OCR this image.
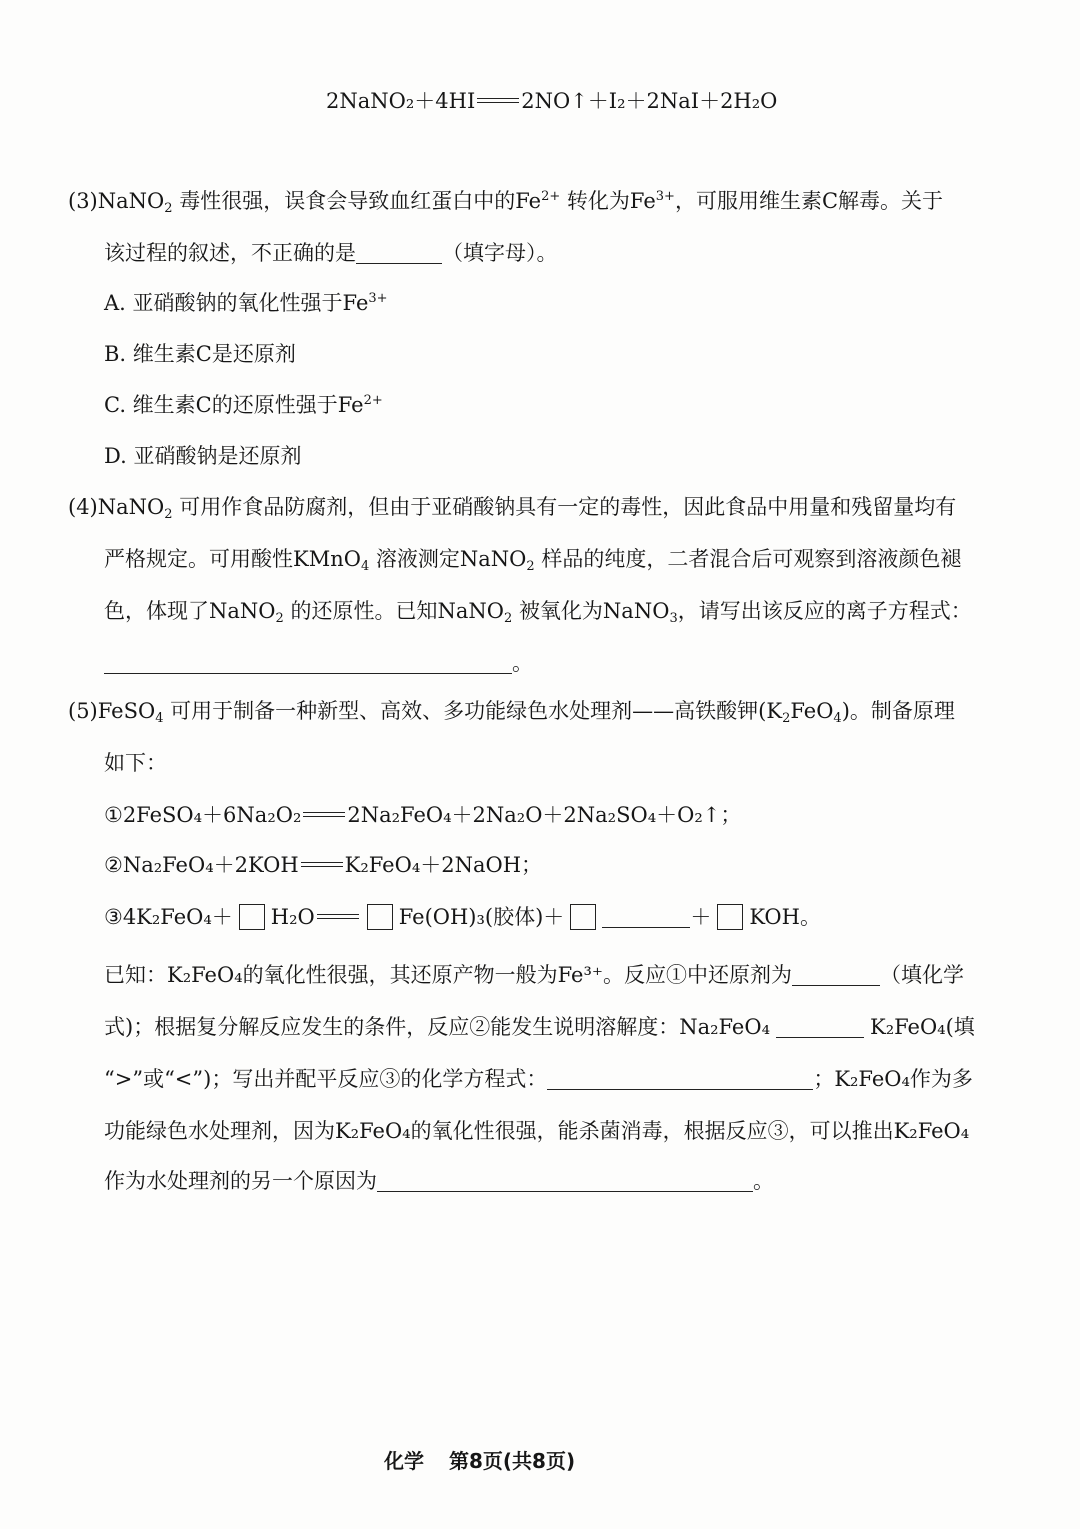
2NaNO₂＋4HI 2NO↑＋I₂＋2NaI＋2H₂O
(3)NaNO$_2$ 毒性很强，误食会导致血红蛋白中的$Fe^{2+}$ 转化为$Fe^{3+}$，可服用维生素C解毒。关于
该过程的叙述，不正确的是	（填字母）。
A. 亚硝酸钠的氧化性强于$Fe^{3+}$
B. 维生素C是还原剂
C. 维生素C的还原性强于$Fe^{2+}$
D. 亚硝酸钠是还原剂
(4)NaNO$_2$ 可用作食品防腐剂，但由于亚硝酸钠具有一定的毒性，因此食品中用量和残留量均有
严格规定。可用酸性KMnO$_4$ 溶液测定NaNO$_2$ 样品的纯度，二者混合后可观察到溶液颜色褪
色，体现了NaNO$_2$ 的还原性。已知NaNO$_2$ 被氧化为NaNO$_3$，请写出该反应的离子方程式：
。
(5)FeSO$_4$ 可用于制备一种新型、高效、多功能绿色水处理剂——高铁酸钾$(K_2FeO_4)$。制备原理
如下：
①2FeSO₄＋6Na₂O₂ 2Na₂FeO₄＋2Na₂O＋2Na₂SO₄＋O₂↑；
②Na₂FeO₄＋2KOH K₂FeO₄＋2NaOH；
③4K₂FeO₄＋ H₂O	Fe(OH)₃(胶体)＋	＋ KOH。
已知：K₂FeO₄的氧化性很强，其还原产物一般为Fe³⁺。反应①中还原剂为	（填化学
式)；根据复分解反应发生的条件，反应②能发生说明溶解度：Na₂FeO₄	K₂FeO₄(填
“>”或“<”)；写出并配平反应③的化学方程式：	；K₂FeO₄作为多
功能绿色水处理剂，因为K₂FeO₄的氧化性很强，能杀菌消毒，根据反应③，可以推出K₂FeO₄
作为水处理剂的另一个原因为	。
化学 第8页(共8页)
